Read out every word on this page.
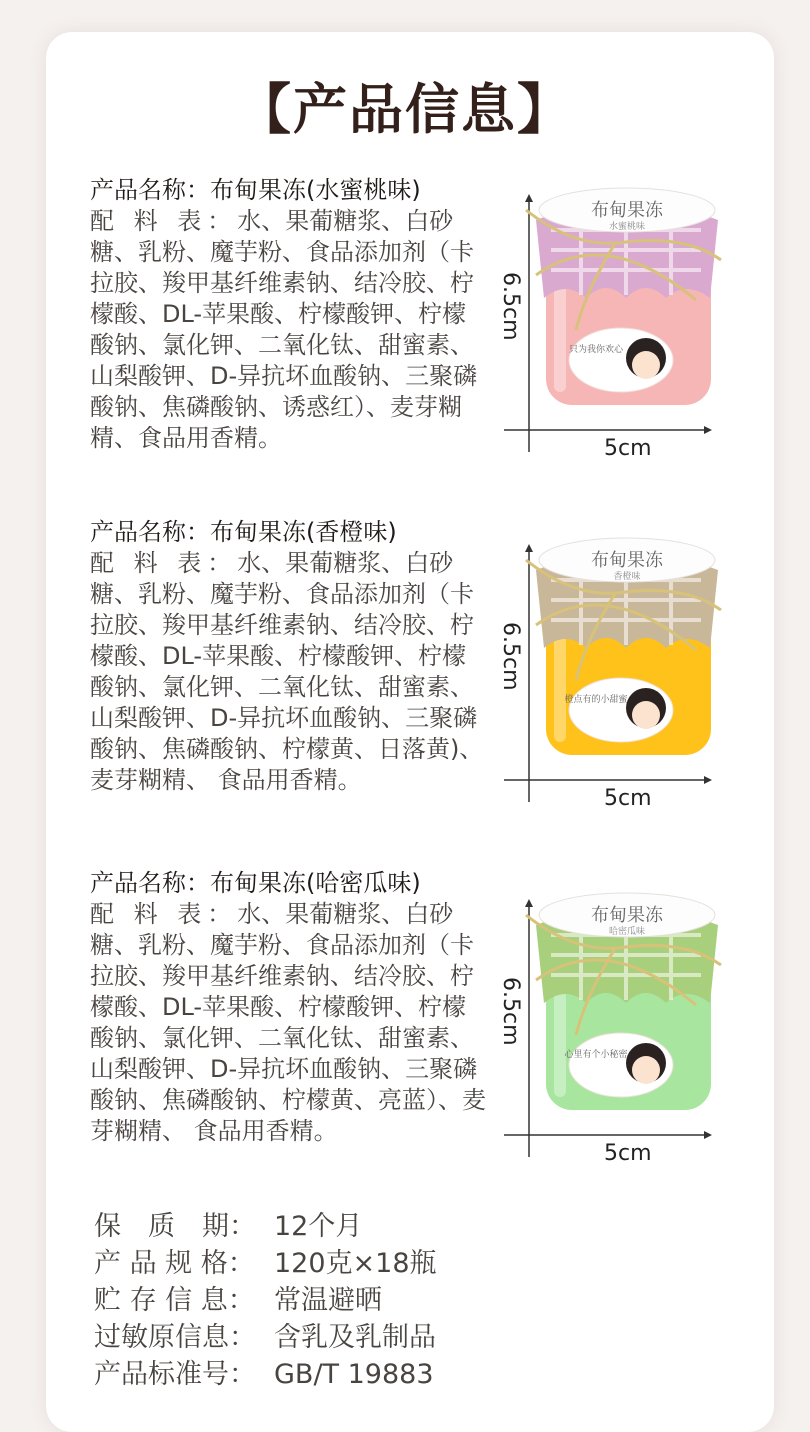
【产品信息】
产品名称：布甸果冻(水蜜桃味)

配 料 表：水、果葡糖浆、白砂糖、乳粉、魔芋粉、食品添加剂（卡拉胶、羧甲基纤维素钠、结冷胶、柠檬酸、DL-苹果酸、柠檬酸钾、柠檬酸钠、氯化钾、二氧化钛、甜蜜素、山梨酸钾、D-异抗坏血酸钠、三聚磷酸钠、焦磷酸钠、诱惑红）、麦芽糊精、食品用香精。

产品名称：布甸果冻(香橙味)

配 料 表：水、果葡糖浆、白砂糖、乳粉、魔芋粉、食品添加剂（卡拉胶、羧甲基纤维素钠、结冷胶、柠檬酸、DL-苹果酸、柠檬酸钾、柠檬酸钠、氯化钾、二氧化钛、甜蜜素、山梨酸钾、D-异抗坏血酸钠、三聚磷酸钠、焦磷酸钠、柠檬黄、日落黄)、麦芽糊精、 食品用香精。

产品名称：布甸果冻(哈密瓜味)

配 料 表：水、果葡糖浆、白砂糖、乳粉、魔芋粉、食品添加剂（卡拉胶、羧甲基纤维素钠、结冷胶、柠檬酸、DL-苹果酸、柠檬酸钾、柠檬酸钠、氯化钾、二氧化钛、甜蜜素、山梨酸钾、D-异抗坏血酸钠、三聚磷酸钠、焦磷酸钠、柠檬黄、亮蓝）、麦芽糊精、 食品用香精。

布甸果冻
水蜜桃味
只为我你欢心
6.5cm
5cm
布甸果冻
香橙味
橙点有的小甜蜜
6.5cm
5cm
布甸果冻
哈密瓜味
心里有个小秘密
6.5cm
5cm
保　质　期： 12个月
产 品 规 格： 120克×18瓶
贮 存 信 息： 常温避晒
过敏原信息： 含乳及乳制品
产品标准号： GB/T 19883
